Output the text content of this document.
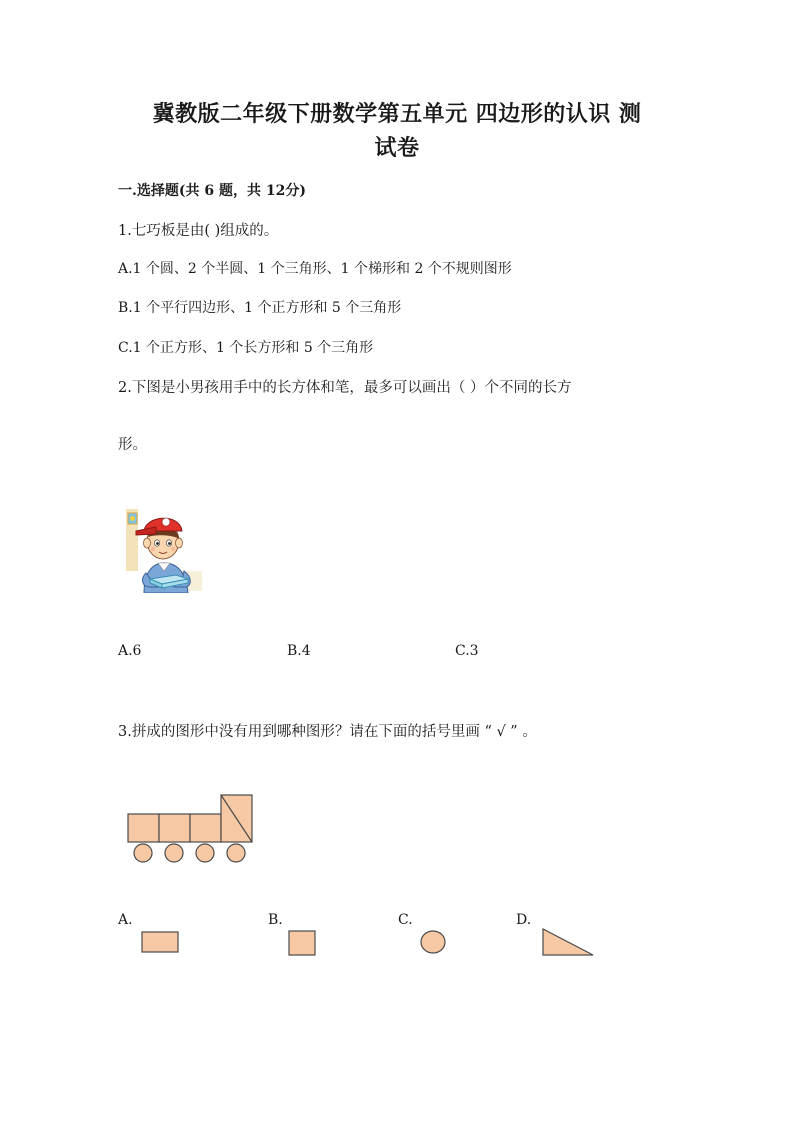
冀教版二年级下册数学第五单元 四边形的认识 测
试卷
一.选择题(共 6 题，共 12分)
1.七巧板是由( )组成的。
A.1 个圆、2 个半圆、1 个三角形、1 个梯形和 2 个不规则图形
B.1 个平行四边形、1 个正方形和 5 个三角形
C.1 个正方形、1 个长方形和 5 个三角形
2.下图是小男孩用手中的长方体和笔，最多可以画出（ ）个不同的长方
形。
A.6	B.4	C.3
3.拼成的图形中没有用到哪种图形？请在下面的括号里画 “ √ ” 。
A.	B.	C.	D.
